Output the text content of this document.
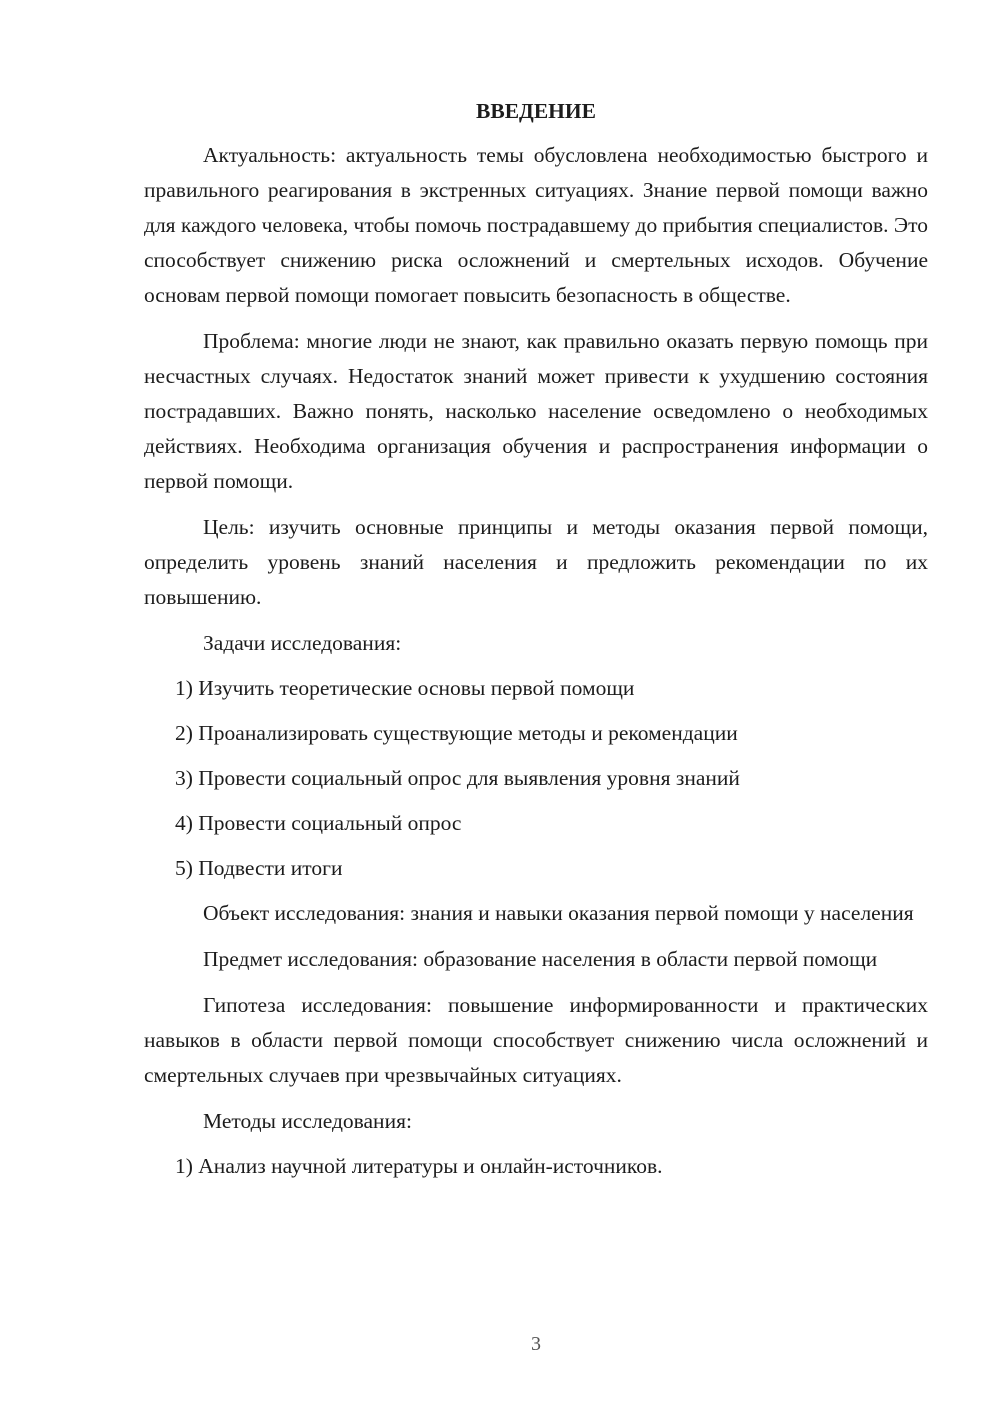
ВВЕДЕНИЕ

Актуальность: актуальность темы обусловлена необходимостью быстрого и правильного реагирования в экстренных ситуациях. Знание первой помощи важно для каждого человека, чтобы помочь пострадавшему до прибытия специалистов. Это способствует снижению риска осложнений и смертельных исходов. Обучение основам первой помощи помогает повысить безопасность в обществе.

Проблема: многие люди не знают, как правильно оказать первую помощь при несчастных случаях. Недостаток знаний может привести к ухудшению состояния пострадавших. Важно понять, насколько население осведомлено о необходимых действиях. Необходима организация обучения и распространения информации о первой помощи.

Цель: изучить основные принципы и методы оказания первой помощи, определить уровень знаний населения и предложить рекомендации по их повышению.

Задачи исследования:

1) Изучить теоретические основы первой помощи

2) Проанализировать существующие методы и рекомендации

3) Провести социальный опрос для выявления уровня знаний

4) Провести социальный опрос

5) Подвести итоги

Объект исследования: знания и навыки оказания первой помощи у населения

Предмет исследования: образование населения в области первой помощи

Гипотеза исследования: повышение информированности и практических навыков в области первой помощи способствует снижению числа осложнений и смертельных случаев при чрезвычайных ситуациях.

Методы исследования:

1) Анализ научной литературы и онлайн-источников.

3
